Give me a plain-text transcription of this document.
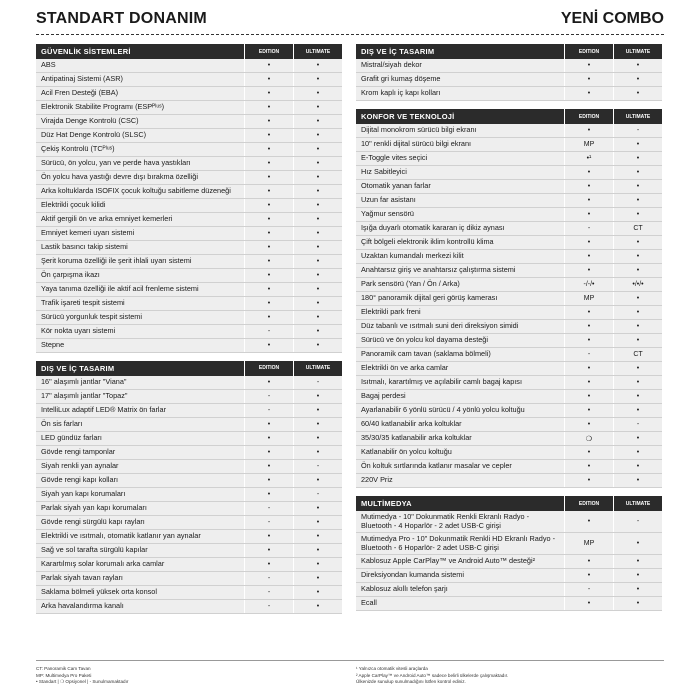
STANDART DONANIM	YENİ COMBO
GÜVENLİK SİSTEMLERİ	EDITION	ULTIMATE
ABS	•	•
Antipatinaj Sistemi (ASR)	•	•
Acil Fren Desteği (EBA)	•	•
Elektronik Stabilite Programı (ESPᴾˡᵘˢ)	•	•
Virajda Denge Kontrolü (CSC)	•	•
Düz Hat Denge Kontrolü (SLSC)	•	•
Çekiş Kontrolü (TCᴾˡᵘˢ)	•	•
Sürücü, ön yolcu, yan ve perde hava yastıkları	•	•
Ön yolcu hava yastığı devre dışı bırakma özelliği	•	•
Arka koltuklarda ISOFIX çocuk koltuğu sabitleme düzeneği	•	•
Elektrikli çocuk kilidi	•	•
Aktif gergili ön ve arka emniyet kemerleri	•	•
Emniyet kemeri uyarı sistemi	•	•
Lastik basıncı takip sistemi	•	•
Şerit koruma özelliği ile şerit ihlali uyarı sistemi	•	•
Ön çarpışma ikazı	•	•
Yaya tanıma özelliği ile aktif acil frenleme sistemi	•	•
Trafik işareti tespit sistemi	•	•
Sürücü yorgunluk tespit sistemi	•	•
Kör nokta uyarı sistemi	-	•
Stepne	•	•
DIŞ VE İÇ TASARIM	EDITION	ULTIMATE
16" alaşımlı jantlar "Viana"	•	-
17" alaşımlı jantlar "Topaz"	-	•
IntelliLux adaptif LED® Matrix ön farlar	-	•
Ön sis farları	•	•
LED gündüz farları	•	•
Gövde rengi tamponlar	•	•
Siyah renkli yan aynalar	•	-
Gövde rengi kapı kolları	•	•
Siyah yan kapı korumaları	•	-
Parlak siyah yan kapı korumaları	-	•
Gövde rengi sürgülü kapı rayları	-	•
Elektrikli ve ısıtmalı, otomatik katlanır yan aynalar	•	•
Sağ ve sol tarafta sürgülü kapılar	•	•
Karartılmış solar korumalı arka camlar	•	•
Parlak siyah tavan rayları	-	•
Saklama bölmeli yüksek orta konsol	-	•
Arka havalandırma kanalı	-	•
DIŞ VE İÇ TASARIM	EDITION	ULTIMATE
Mistral/siyah dekor	•	•
Grafit gri kumaş döşeme	•	•
Krom kaplı iç kapı kolları	•	•
KONFOR VE TEKNOLOJİ	EDITION	ULTIMATE
Dijital monokrom sürücü bilgi ekranı	•	-
10" renkli dijital sürücü bilgi ekranı	MP	•
E-Toggle vites seçici	•¹	•
Hız Sabitleyici	•	•
Otomatik yanan farlar	•	•
Uzun far asistanı	•	•
Yağmur sensörü	•	•
Işığa duyarlı otomatik kararan iç dikiz aynası	-	CT
Çift bölgeli elektronik iklim kontrollü klima	•	•
Uzaktan kumandalı merkezi kilit	•	•
Anahtarsız giriş ve anahtarsız çalıştırma sistemi	•	•
Park sensörü (Yan / Ön / Arka)	-/-/•	•/•/•
180° panoramik dijital geri görüş kamerası	MP	•
Elektrikli park freni	•	•
Düz tabanlı ve ısıtmalı suni deri direksiyon simidi	•	•
Sürücü ve ön yolcu kol dayama desteği	•	•
Panoramik cam tavan (saklama bölmeli)	-	CT
Elektrikli ön ve arka camlar	•	•
Isıtmalı, karartılmış ve açılabilir camlı bagaj kapısı	•	•
Bagaj perdesi	•	•
Ayarlanabilir 6 yönlü sürücü / 4 yönlü yolcu koltuğu	•	•
60/40 katlanabilir arka koltuklar	•	-
35/30/35 katlanabilir arka koltuklar	❍	•
Katlanabilir ön yolcu koltuğu	•	•
Ön koltuk sırtlarında katlanır masalar ve cepler	•	•
220V Priz	•	•
MULTİMEDYA	EDITION	ULTIMATE
Mutimedya - 10" Dokunmatik Renkli Ekranlı Radyo - Bluetooth - 4 Hoparlör - 2 adet USB-C girişi	•	-
Mutimedya Pro - 10" Dokunmatik Renkli HD Ekranlı Radyo - Bluetooth - 6 Hoparlör- 2 adet USB-C girişi	MP	•
Kablosuz Apple CarPlay™ ve Android Auto™ desteği²	•	•
Direksiyondan kumanda sistemi	•	•
Kablosuz akıllı telefon şarjı	-	•
Ecall	•	•
CT: Panoramik Cam Tavan
MP: Multimedya Pro Paketi
• Standart | ❍ Opsiyonel | - Sunulmamaktadır
¹ Yalnızca otomatik vitesli araçlarda
² Apple CarPlay™ ve Android Auto™ sadece belirli ülkelerde çalışmaktadır.
Ülkenizde sunulup sunulmadığını lütfen kontrol ediniz.
